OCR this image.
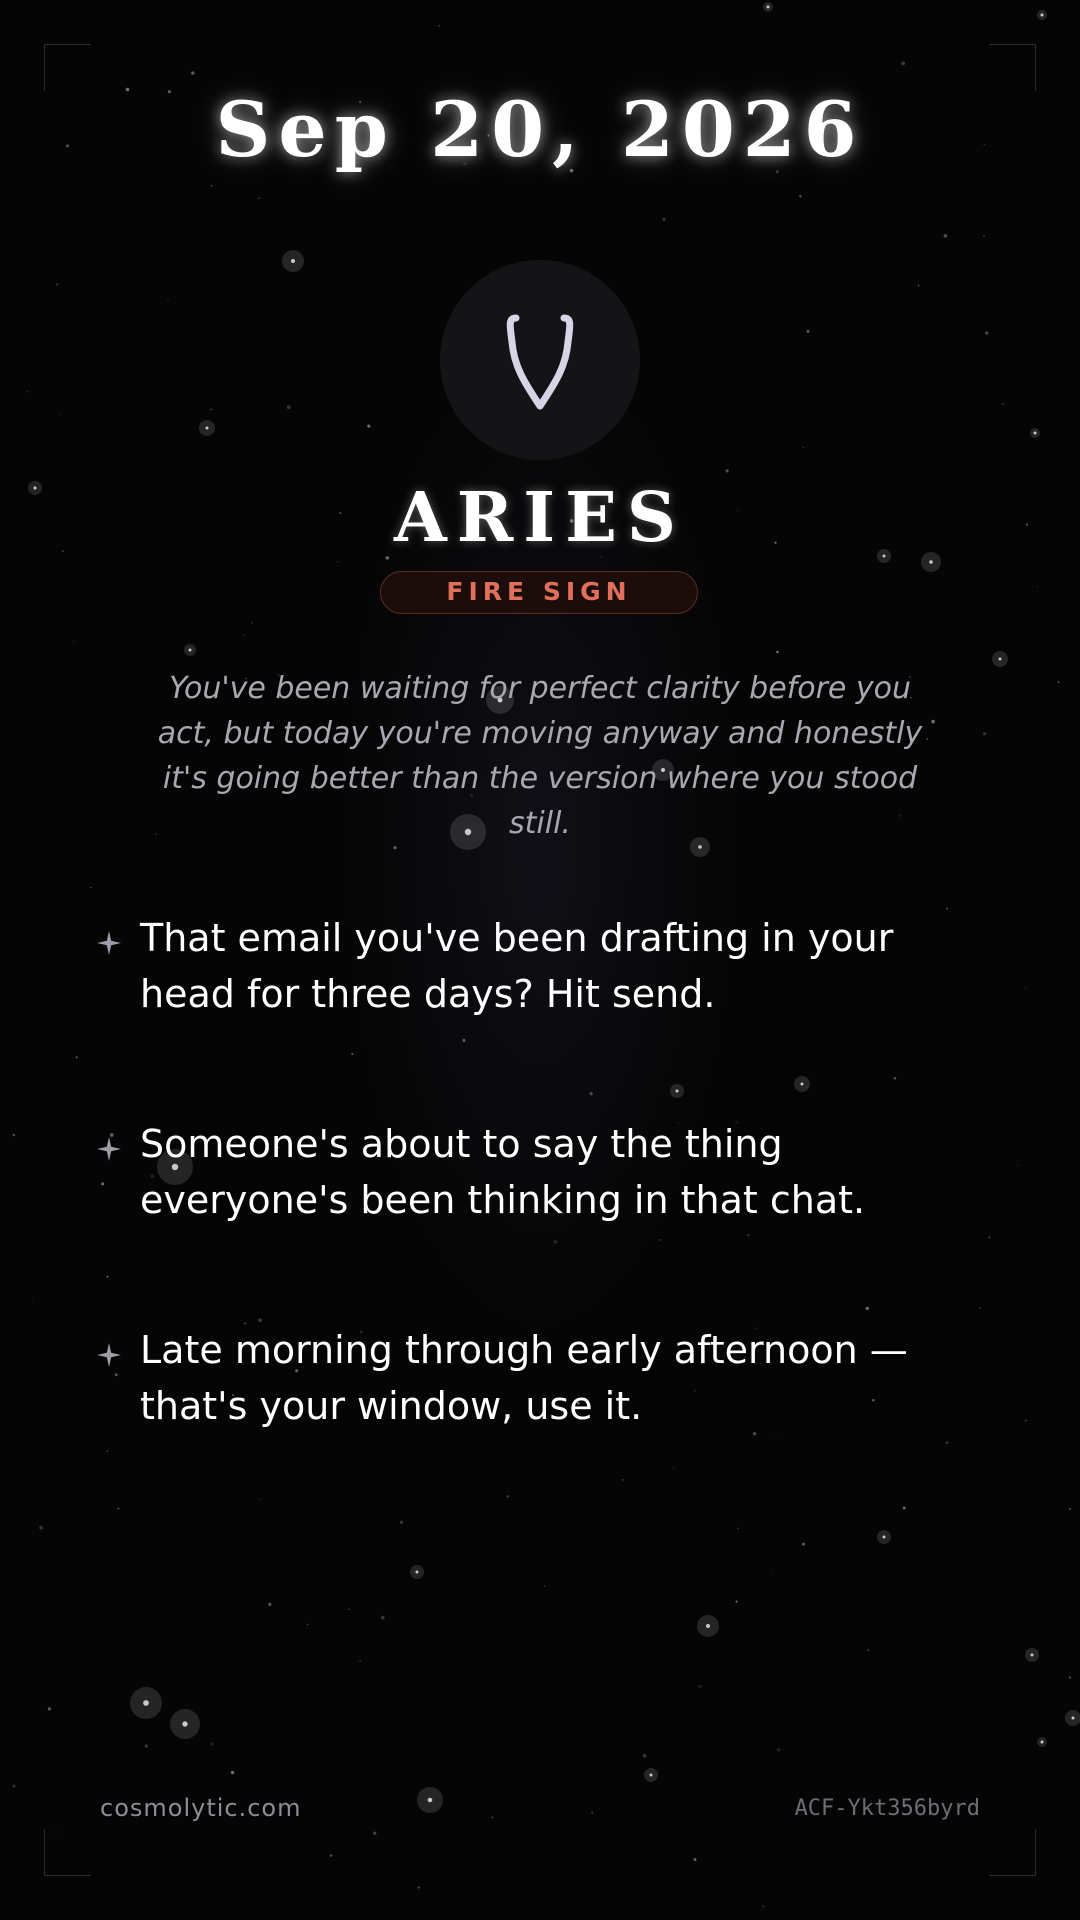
Sep 20, 2026
ARIES
FIRE SIGN

You've been waiting for perfect clarity before you act, but today you're moving anyway and honestly it's going better than the version where you stood still.

That email you've been drafting in your head for three days? Hit send.

Someone's about to say the thing everyone's been thinking in that chat.

Late morning through early afternoon — that's your window, use it.

cosmolytic.com	ACF-Ykt356byrd
